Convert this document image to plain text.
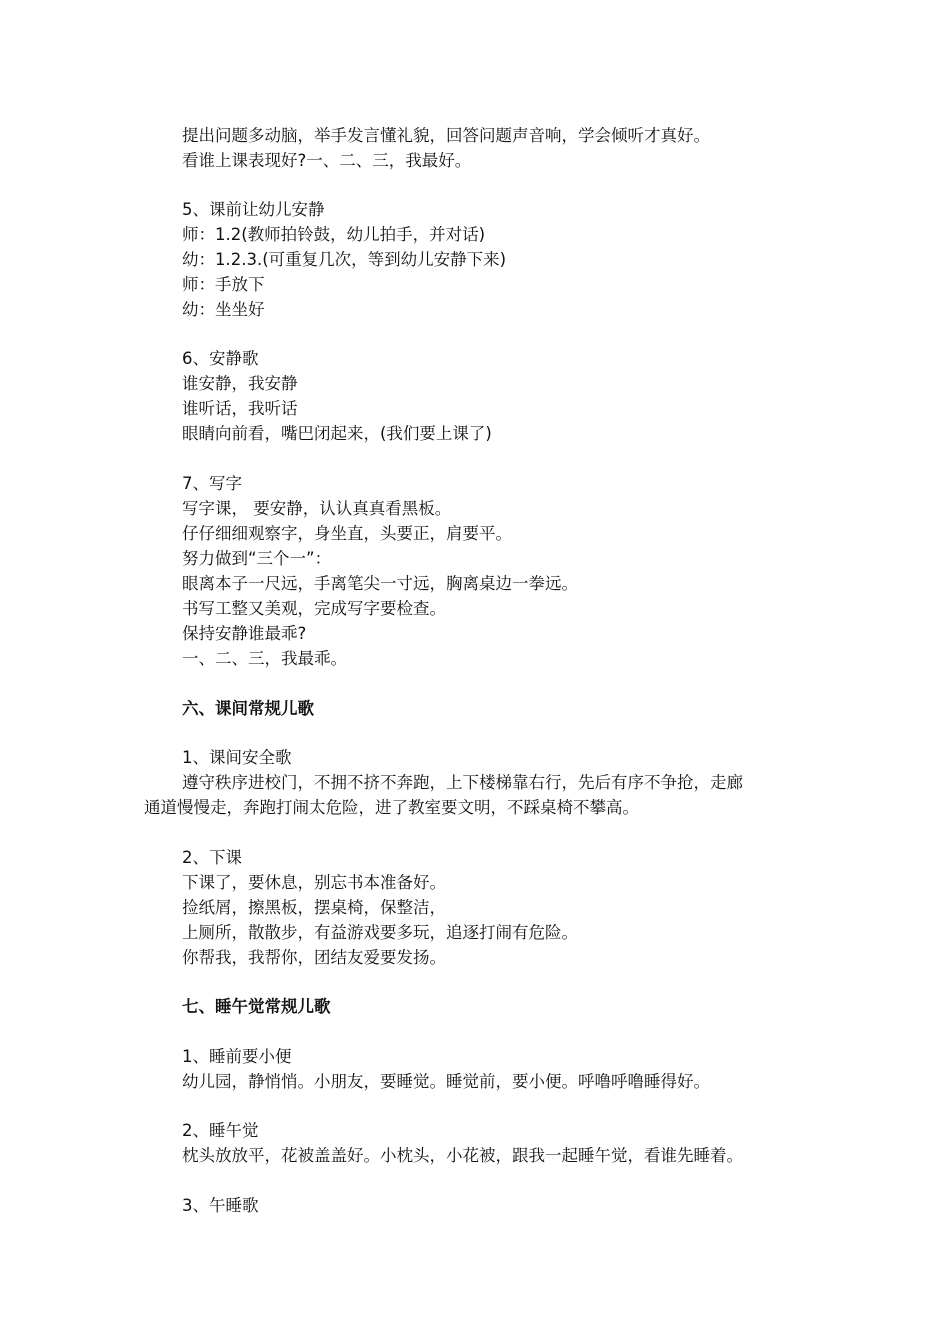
提出问题多动脑，举手发言懂礼貌，回答问题声音响，学会倾听才真好。
看谁上课表现好?一、二、三，我最好。
5、课前让幼儿安静
师：1.2(教师拍铃鼓，幼儿拍手，并对话)
幼：1.2.3.(可重复几次，等到幼儿安静下来)
师：手放下
幼：坐坐好
6、安静歌
谁安静，我安静
谁听话，我听话
眼睛向前看，嘴巴闭起来，(我们要上课了)
7、写字
写字课， 要安静，认认真真看黑板。
仔仔细细观察字，身坐直，头要正，肩要平。
努力做到“三个一”：
眼离本子一尺远，手离笔尖一寸远，胸离桌边一拳远。
书写工整又美观，完成写字要检查。
保持安静谁最乖?
一、二、三，我最乖。
六、课间常规儿歌
1、课间安全歌
遵守秩序进校门，不拥不挤不奔跑，上下楼梯靠右行，先后有序不争抢，走廊
通道慢慢走，奔跑打闹太危险，进了教室要文明，不踩桌椅不攀高。
2、下课
下课了，要休息，别忘书本准备好。
捡纸屑，擦黑板，摆桌椅，保整洁，
上厕所，散散步，有益游戏要多玩，追逐打闹有危险。
你帮我，我帮你，团结友爱要发扬。
七、睡午觉常规儿歌
1、睡前要小便
幼儿园，静悄悄。小朋友，要睡觉。睡觉前，要小便。呼噜呼噜睡得好。
2、睡午觉
枕头放放平，花被盖盖好。小枕头，小花被，跟我一起睡午觉，看谁先睡着。
3、午睡歌
